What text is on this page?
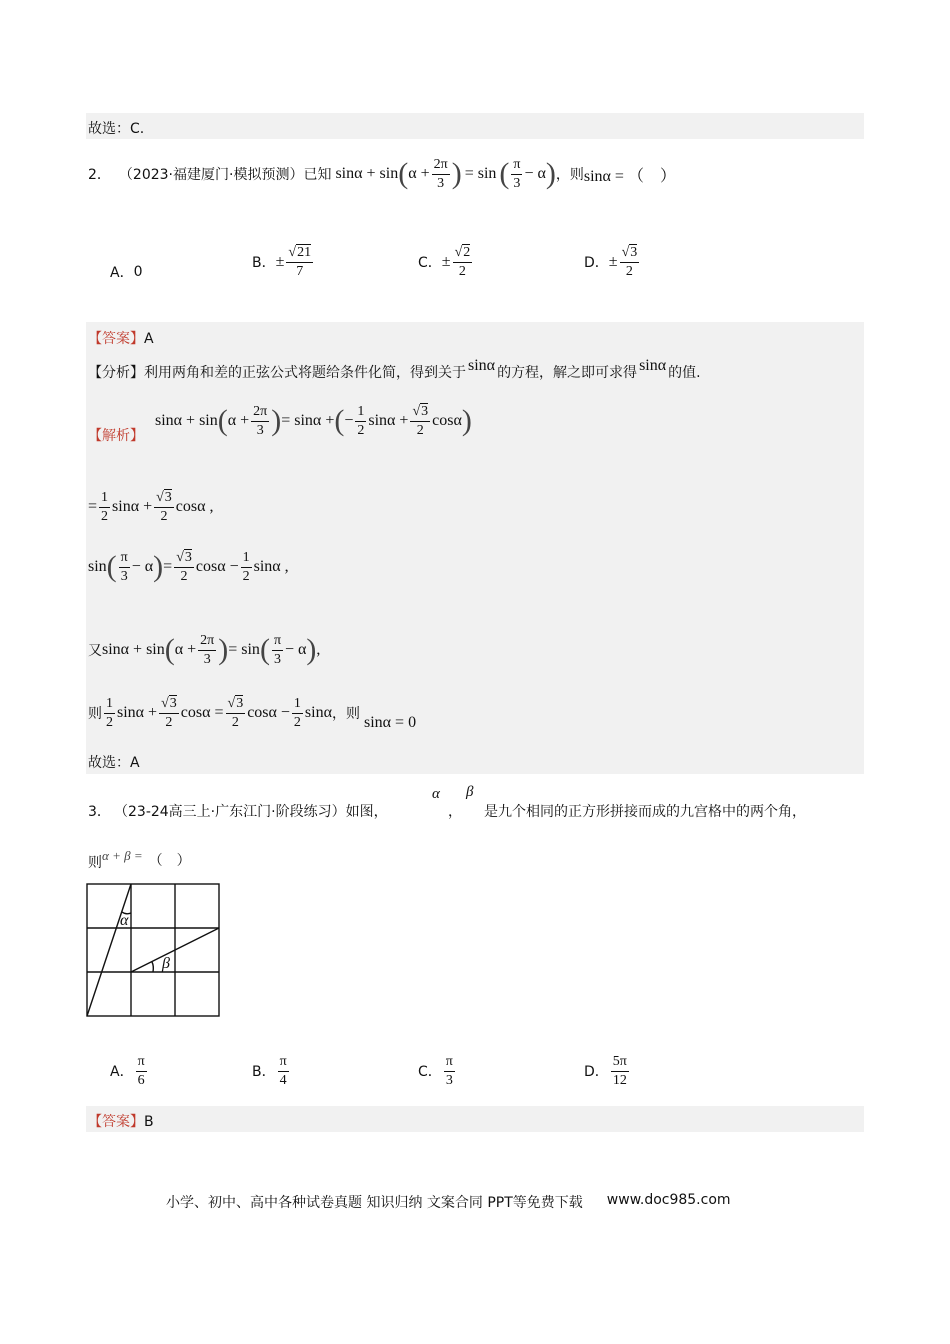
故选：C.
2． （2023·福建厦门·模拟预测）已知 sinα + sin ( $\alpha + \frac{2\pi}{3}$ ) = sin ( $\frac{\pi}{3} - \alpha$ ) ，则 sinα = （　）
A． 0
B． ± $\frac{√21}{7}$	C． ± $\frac{√2}{2}$	D． ± $\frac{√3}{2}$
【答案】A
【分析】 利用两角和差的正弦公式将题给条件化简，得到关于 sinα 的方程，解之即可求得 sinα 的值.
【解析】
sinα + sin ( $\alpha + \frac{2\pi}{3}$ ) = sinα + ( − $\frac{1}{2}$ $\sin\alpha + \frac{√3}{2}$ cosα )
= $\frac{1}{2}$ $\sin\alpha + \frac{√3}{2}$ cosα ,
sin ( $\frac{\pi}{3} - \alpha$ ) = $\frac{√3}{2}$ $\cos\alpha - \frac{1}{2}$ sinα ,
又 sinα + sin ( $\alpha + \frac{2\pi}{3}$ ) = sin ( $\frac{\pi}{3} - \alpha$ ) ,
则 $\frac{1}{2}$ $\sin\alpha + \frac{√3}{2}$ $\cos\alpha = \frac{√3}{2}$ $\cos\alpha - \frac{1}{2}$ sinα ，则 sinα = 0
故选：A
3． （23-24高三上·广东江门·阶段练习）如图，
α
，
β
是九个相同的正方形拼接而成的九宫格中的两个角，
则 α + β = （　）
α
β
A． $\frac{\pi}{6}$	B． $\frac{\pi}{4}$	C． $\frac{\pi}{3}$	D． $\frac{5\pi}{12}$
【答案】B
小学、初中、高中各种试卷真题 知识归纳 文案合同 PPT等免费下载 www.doc985.com
